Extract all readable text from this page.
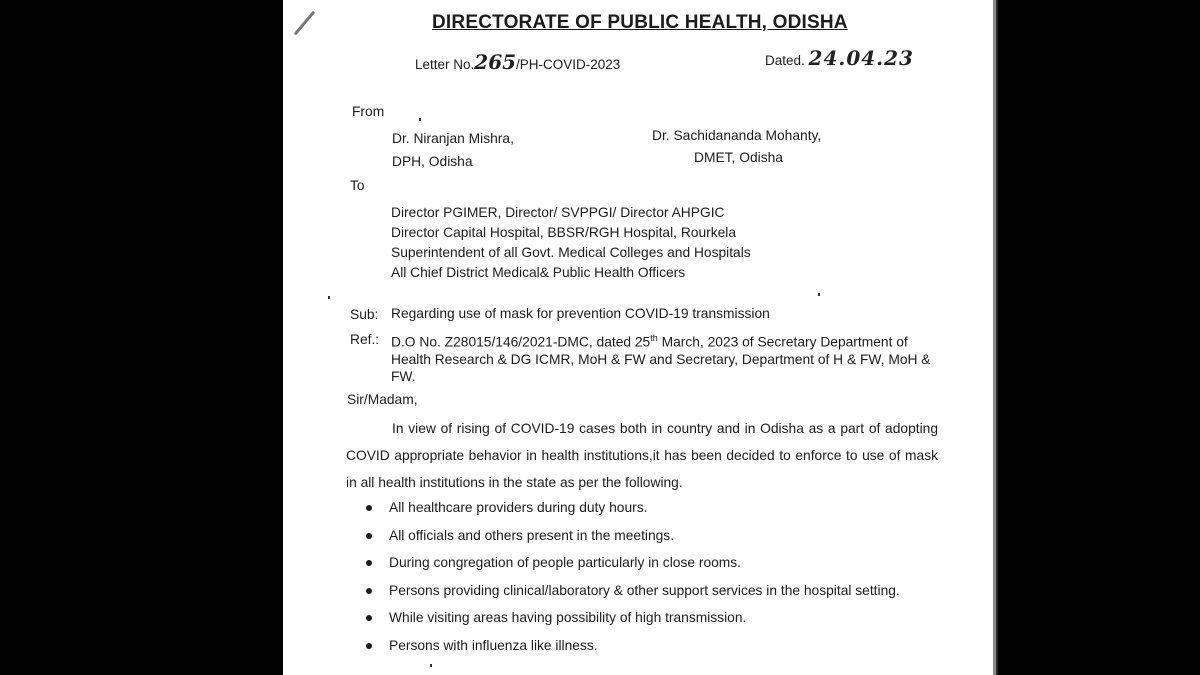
DIRECTORATE OF PUBLIC HEALTH, ODISHA
Letter No.265/PH-COVID-2023	Dated. 24.04.23
From
Dr. Niranjan Mishra,
DPH, Odisha
Dr. Sachidananda Mohanty,
DMET, Odisha
To
Director PGIMER, Director/ SVPPGI/ Director AHPGIC
Director Capital Hospital, BBSR/RGH Hospital, Rourkela
Superintendent of all Govt. Medical Colleges and Hospitals
All Chief District Medical& Public Health Officers
Sub: Regarding use of mask for prevention COVID-19 transmission
Ref.: D.O No. Z28015/146/2021-DMC, dated 25th March, 2023 of Secretary Department of Health Research & DG ICMR, MoH & FW and Secretary, Department of H & FW, MoH & FW.
Sir/Madam,
In view of rising of COVID-19 cases both in country and in Odisha as a part of adopting COVID appropriate behavior in health institutions,it has been decided to enforce to use of mask in all health institutions in the state as per the following.
All healthcare providers during duty hours.
All officials and others present in the meetings.
During congregation of people particularly in close rooms.
Persons providing clinical/laboratory & other support services in the hospital setting.
While visiting areas having possibility of high transmission.
Persons with influenza like illness.
